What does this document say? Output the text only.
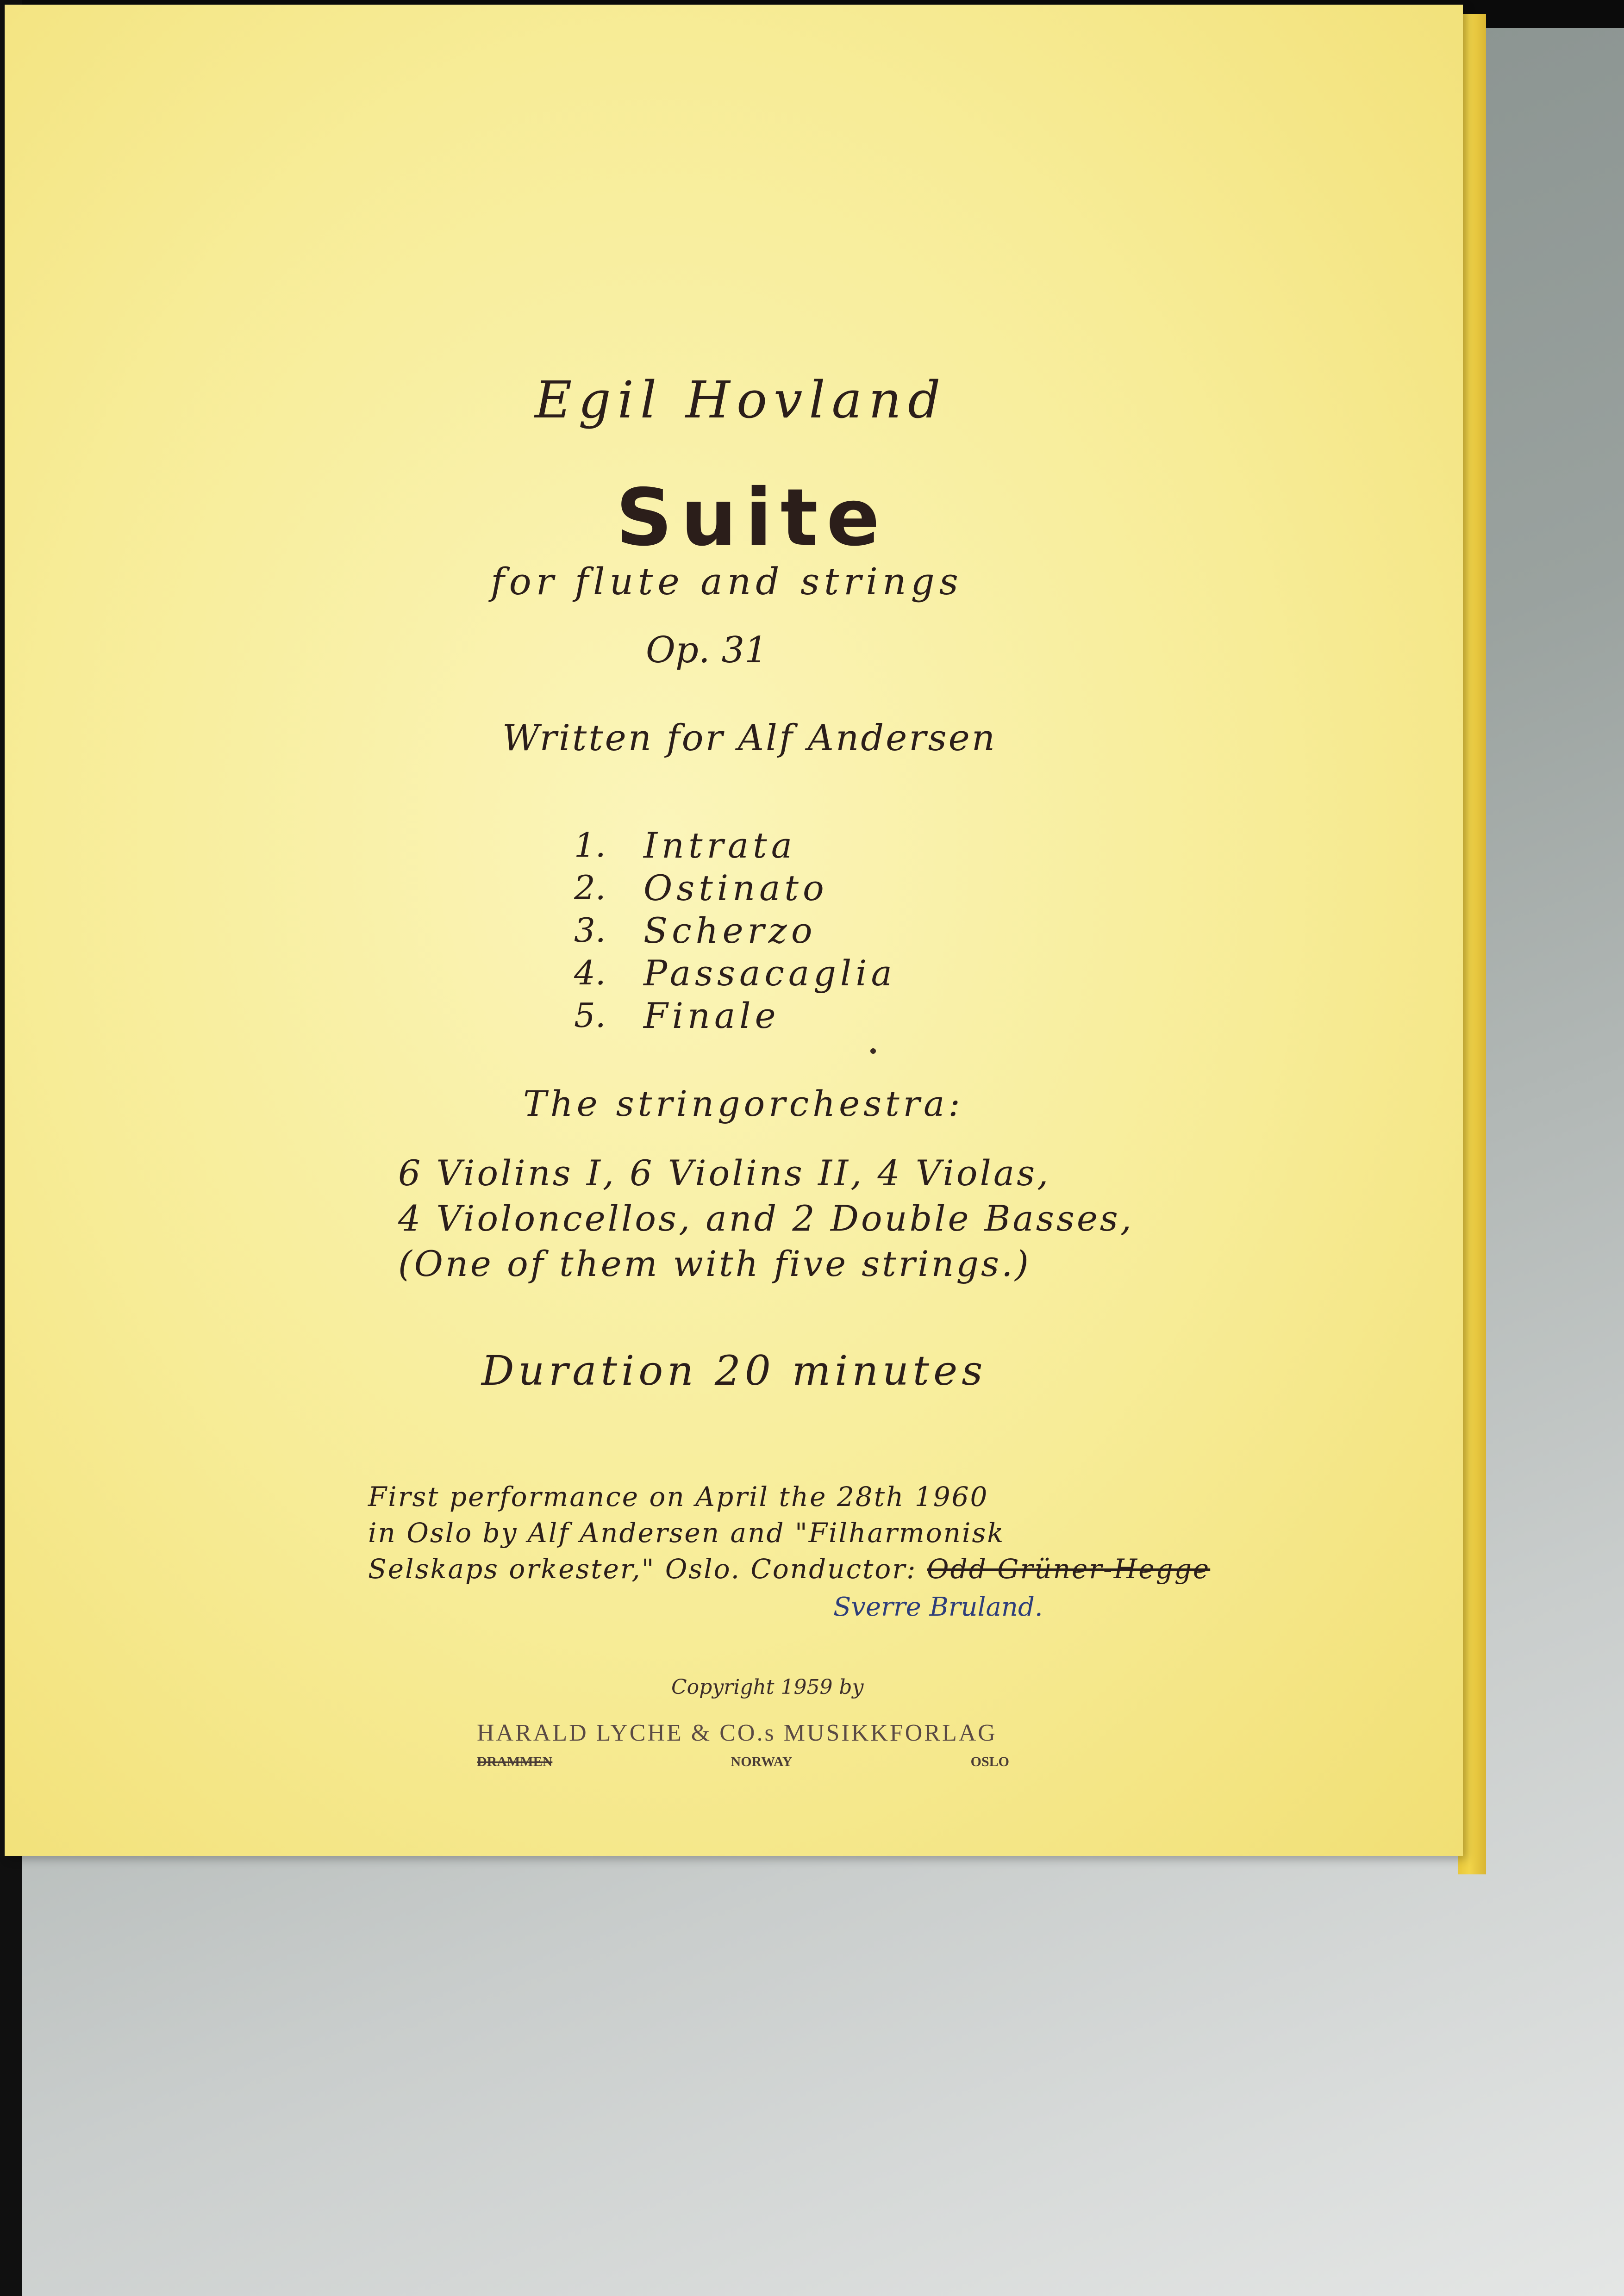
Egil Hovland
Suite
for flute and strings
Op. 31
Written for Alf Andersen
1.	Intrata
2.	Ostinato
3.	Scherzo
4.	Passacaglia
5.	Finale
The stringorchestra:
6 Violins I, 6 Violins II, 4 Violas,
4 Violoncellos, and 2 Double Basses,
(One of them with five strings.)
Duration 20 minutes
First performance on April the 28th 1960
in Oslo by Alf Andersen and "Filharmonisk
Selskaps orkester," Oslo. Conductor: Odd Grüner-Hegge
Sverre Bruland.
Copyright 1959 by
HARALD LYCHE & CO.s MUSIKKFORLAG
DRAMMEN	NORWAY	OSLO
